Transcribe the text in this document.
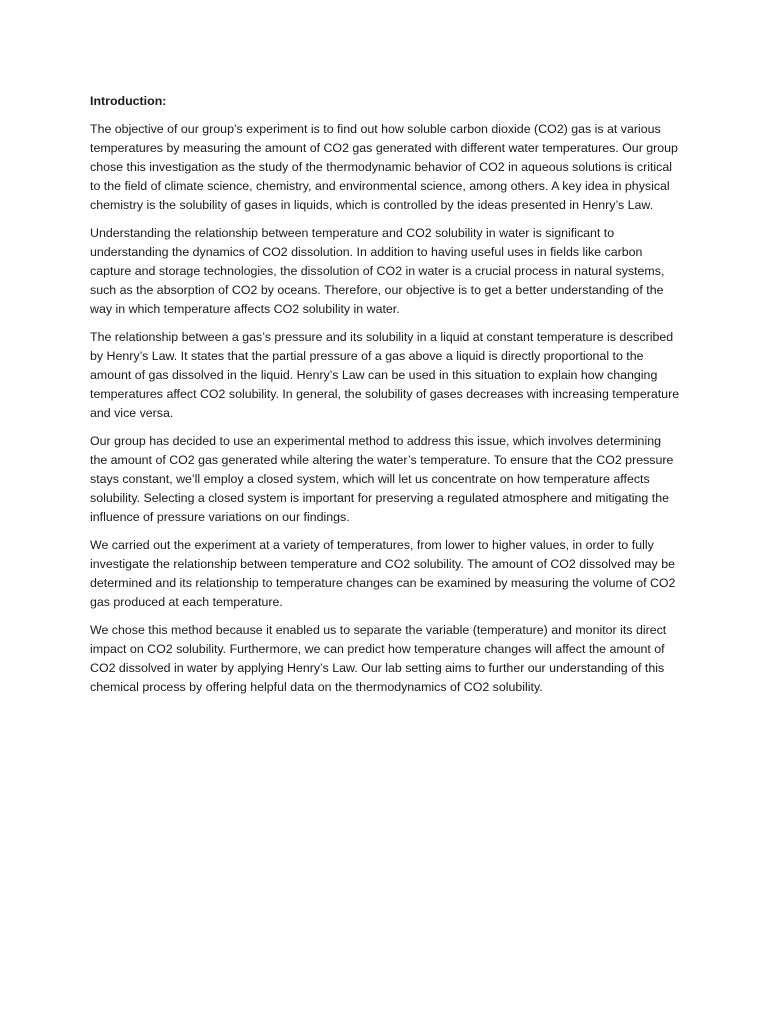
Introduction:

The objective of our group’s experiment is to find out how soluble carbon dioxide (CO2) gas is at various temperatures by measuring the amount of CO2 gas generated with different water temperatures. Our group chose this investigation as the study of the thermodynamic behavior of CO2 in aqueous solutions is critical to the field of climate science, chemistry, and environmental science, among others. A key idea in physical chemistry is the solubility of gases in liquids, which is controlled by the ideas presented in Henry’s Law.

Understanding the relationship between temperature and CO2 solubility in water is significant to understanding the dynamics of CO2 dissolution. In addition to having useful uses in fields like carbon capture and storage technologies, the dissolution of CO2 in water is a crucial process in natural systems, such as the absorption of CO2 by oceans. Therefore, our objective is to get a better understanding of the way in which temperature affects CO2 solubility in water.

The relationship between a gas’s pressure and its solubility in a liquid at constant temperature is described by Henry’s Law. It states that the partial pressure of a gas above a liquid is directly proportional to the amount of gas dissolved in the liquid. Henry’s Law can be used in this situation to explain how changing temperatures affect CO2 solubility. In general, the solubility of gases decreases with increasing temperature and vice versa.

Our group has decided to use an experimental method to address this issue, which involves determining the amount of CO2 gas generated while altering the water’s temperature. To ensure that the CO2 pressure stays constant, we’ll employ a closed system, which will let us concentrate on how temperature affects solubility. Selecting a closed system is important for preserving a regulated atmosphere and mitigating the influence of pressure variations on our findings.

We carried out the experiment at a variety of temperatures, from lower to higher values, in order to fully investigate the relationship between temperature and CO2 solubility. The amount of CO2 dissolved may be determined and its relationship to temperature changes can be examined by measuring the volume of CO2 gas produced at each temperature.

We chose this method because it enabled us to separate the variable (temperature) and monitor its direct impact on CO2 solubility. Furthermore, we can predict how temperature changes will affect the amount of CO2 dissolved in water by applying Henry’s Law. Our lab setting aims to further our understanding of this chemical process by offering helpful data on the thermodynamics of CO2 solubility.
